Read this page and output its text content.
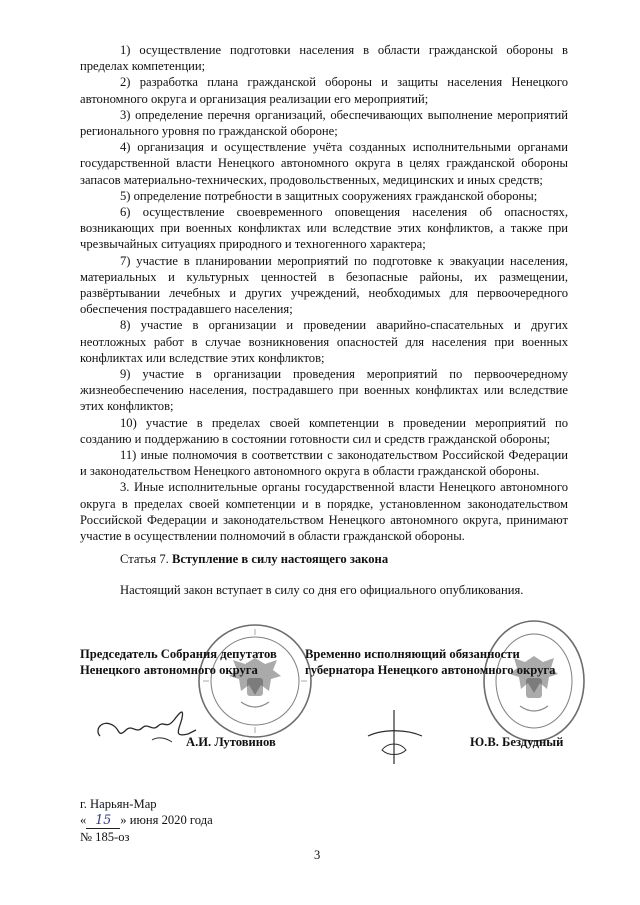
1) осуществление подготовки населения в области гражданской обороны в пределах компетенции;

2) разработка плана гражданской обороны и защиты населения Ненецкого автономного округа и организация реализации его мероприятий;

3) определение перечня организаций, обеспечивающих выполнение мероприятий регионального уровня по гражданской обороне;

4) организация и осуществление учёта созданных исполнительными органами государственной власти Ненецкого автономного округа в целях гражданской обороны запасов материально-технических, продовольственных, медицинских и иных средств;

5) определение потребности в защитных сооружениях гражданской обороны;

6) осуществление своевременного оповещения населения об опасностях, возникающих при военных конфликтах или вследствие этих конфликтов, а также при чрезвычайных ситуациях природного и техногенного характера;

7) участие в планировании мероприятий по подготовке к эвакуации населения, материальных и культурных ценностей в безопасные районы, их размещении, развёртывании лечебных и других учреждений, необходимых для первоочередного обеспечения пострадавшего населения;

8) участие в организации и проведении аварийно-спасательных и других неотложных работ в случае возникновения опасностей для населения при военных конфликтах или вследствие этих конфликтов;

9) участие в организации проведения мероприятий по первоочередному жизнеобеспечению населения, пострадавшего при военных конфликтах или вследствие этих конфликтов;

10) участие в пределах своей компетенции в проведении мероприятий по созданию и поддержанию в состоянии готовности сил и средств гражданской обороны;

11) иные полномочия в соответствии с законодательством Российской Федерации и законодательством Ненецкого автономного округа в области гражданской обороны.

3. Иные исполнительные органы государственной власти Ненецкого автономного округа в пределах своей компетенции и в порядке, установленном законодательством Российской Федерации и законодательством Ненецкого автономного округа, принимают участие в осуществлении полномочий в области гражданской обороны.

Статья 7. Вступление в силу настоящего закона
Настоящий закон вступает в силу со дня его официального опубликования.
Председатель Собрания депутатов
Ненецкого автономного округа
Временно исполняющий обязанности
губернатора Ненецкого автономного округа
А.И. Лутовинов	Ю.В. Бездудный
г. Нарьян-Мар
« 15 » июня 2020 года
№ 185-оз
3
